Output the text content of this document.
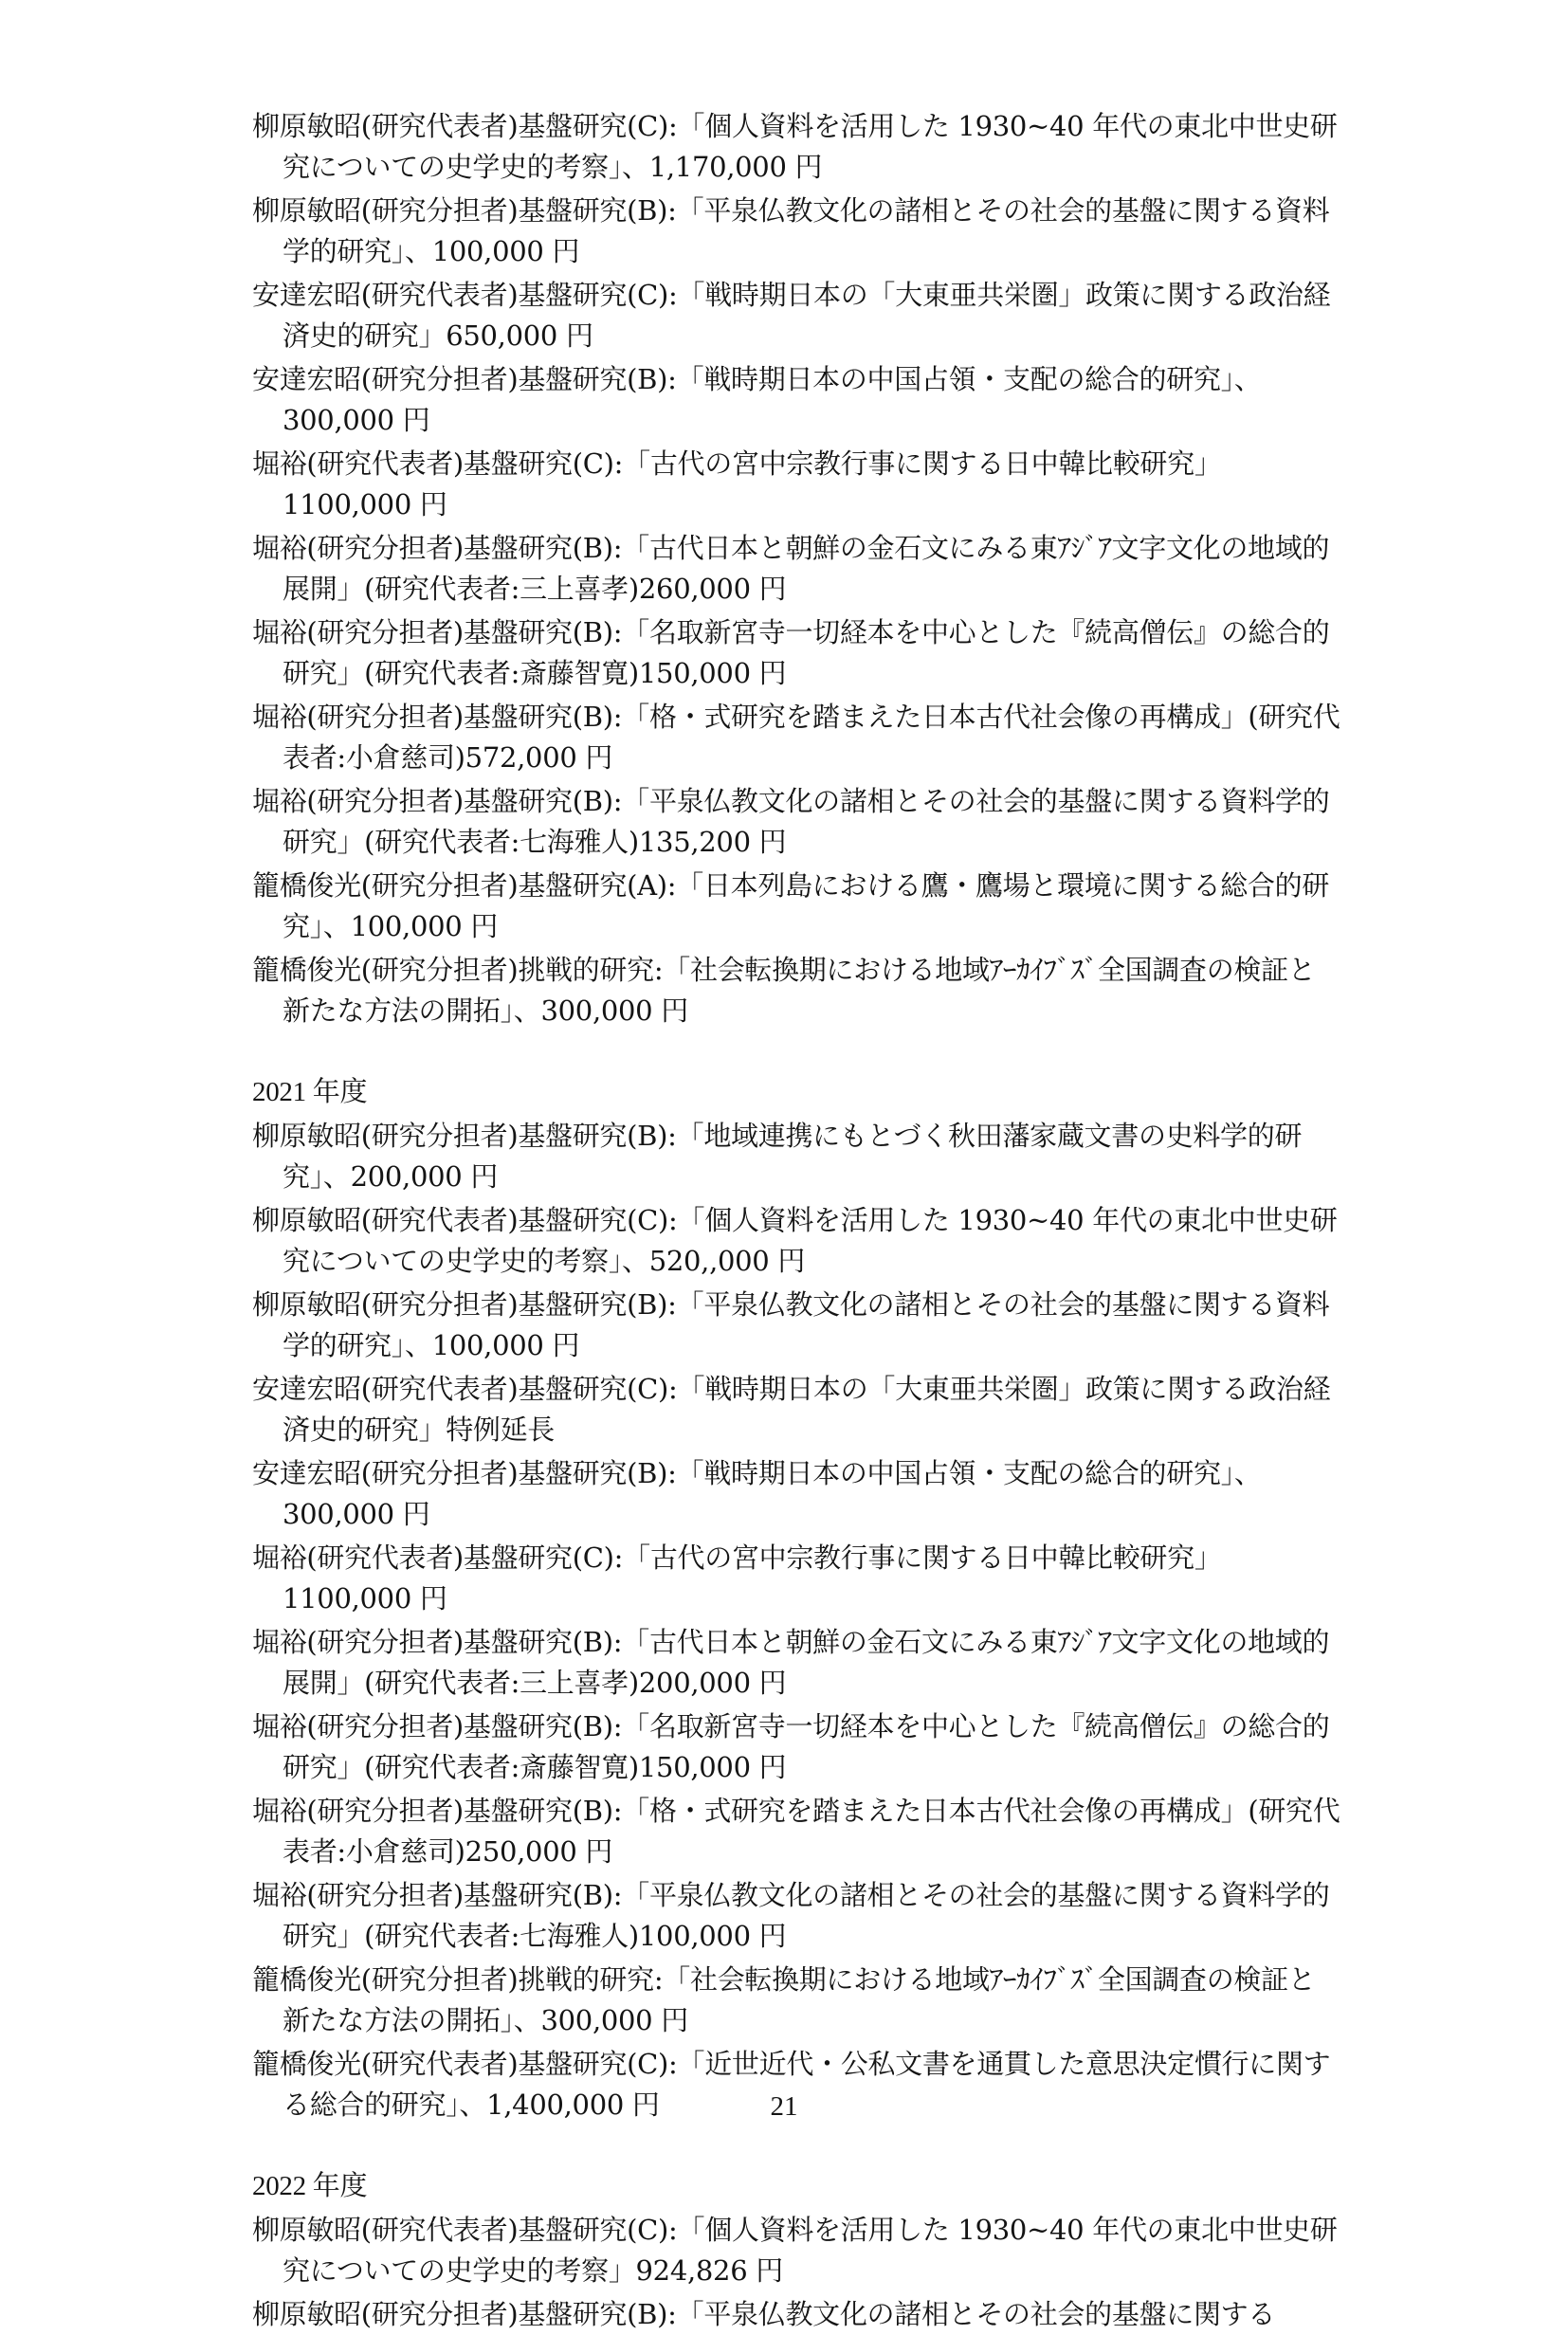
柳原敏昭(研究代表者)基盤研究(C):「個人資料を活用した 1930~40 年代の東北中世史研究についての史学史的考察」、1,170,000 円

柳原敏昭(研究分担者)基盤研究(B):「平泉仏教文化の諸相とその社会的基盤に関する資料学的研究」、100,000 円

安達宏昭(研究代表者)基盤研究(C):「戦時期日本の「大東亜共栄圏」政策に関する政治経済史的研究」650,000 円

安達宏昭(研究分担者)基盤研究(B):「戦時期日本の中国占領・支配の総合的研究」、300,000 円

堀裕(研究代表者)基盤研究(C):「古代の宮中宗教行事に関する日中韓比較研究」1100,000 円

堀裕(研究分担者)基盤研究(B):「古代日本と朝鮮の金石文にみる東ｱｼﾞｱ文字文化の地域的展開」(研究代表者:三上喜孝)260,000 円

堀裕(研究分担者)基盤研究(B):「名取新宮寺一切経本を中心とした『続高僧伝』の総合的研究」(研究代表者:斎藤智寛)150,000 円

堀裕(研究分担者)基盤研究(B):「格・式研究を踏まえた日本古代社会像の再構成」(研究代表者:小倉慈司)572,000 円

堀裕(研究分担者)基盤研究(B):「平泉仏教文化の諸相とその社会的基盤に関する資料学的研究」(研究代表者:七海雅人)135,200 円

籠橋俊光(研究分担者)基盤研究(A):「日本列島における鷹・鷹場と環境に関する総合的研究」、100,000 円

籠橋俊光(研究分担者)挑戦的研究:「社会転換期における地域ｱｰｶｲﾌﾞｽﾞ全国調査の検証と新たな方法の開拓」、300,000 円

2021 年度

柳原敏昭(研究分担者)基盤研究(B):「地域連携にもとづく秋田藩家蔵文書の史料学的研究」、200,000 円

柳原敏昭(研究代表者)基盤研究(C):「個人資料を活用した 1930~40 年代の東北中世史研究についての史学史的考察」、520,,000 円

柳原敏昭(研究分担者)基盤研究(B):「平泉仏教文化の諸相とその社会的基盤に関する資料学的研究」、100,000 円

安達宏昭(研究代表者)基盤研究(C):「戦時期日本の「大東亜共栄圏」政策に関する政治経済史的研究」特例延長

安達宏昭(研究分担者)基盤研究(B):「戦時期日本の中国占領・支配の総合的研究」、300,000 円

堀裕(研究代表者)基盤研究(C):「古代の宮中宗教行事に関する日中韓比較研究」1100,000 円

堀裕(研究分担者)基盤研究(B):「古代日本と朝鮮の金石文にみる東ｱｼﾞｱ文字文化の地域的展開」(研究代表者:三上喜孝)200,000 円

堀裕(研究分担者)基盤研究(B):「名取新宮寺一切経本を中心とした『続高僧伝』の総合的研究」(研究代表者:斎藤智寛)150,000 円

堀裕(研究分担者)基盤研究(B):「格・式研究を踏まえた日本古代社会像の再構成」(研究代表者:小倉慈司)250,000 円

堀裕(研究分担者)基盤研究(B):「平泉仏教文化の諸相とその社会的基盤に関する資料学的研究」(研究代表者:七海雅人)100,000 円

籠橋俊光(研究分担者)挑戦的研究:「社会転換期における地域ｱｰｶｲﾌﾞｽﾞ全国調査の検証と新たな方法の開拓」、300,000 円

籠橋俊光(研究代表者)基盤研究(C):「近世近代・公私文書を通貫した意思決定慣行に関する総合的研究」、1,400,000 円

2022 年度

柳原敏昭(研究代表者)基盤研究(C):「個人資料を活用した 1930~40 年代の東北中世史研究についての史学史的考察」924,826 円

柳原敏昭(研究分担者)基盤研究(B):「平泉仏教文化の諸相とその社会的基盤に関する

21
